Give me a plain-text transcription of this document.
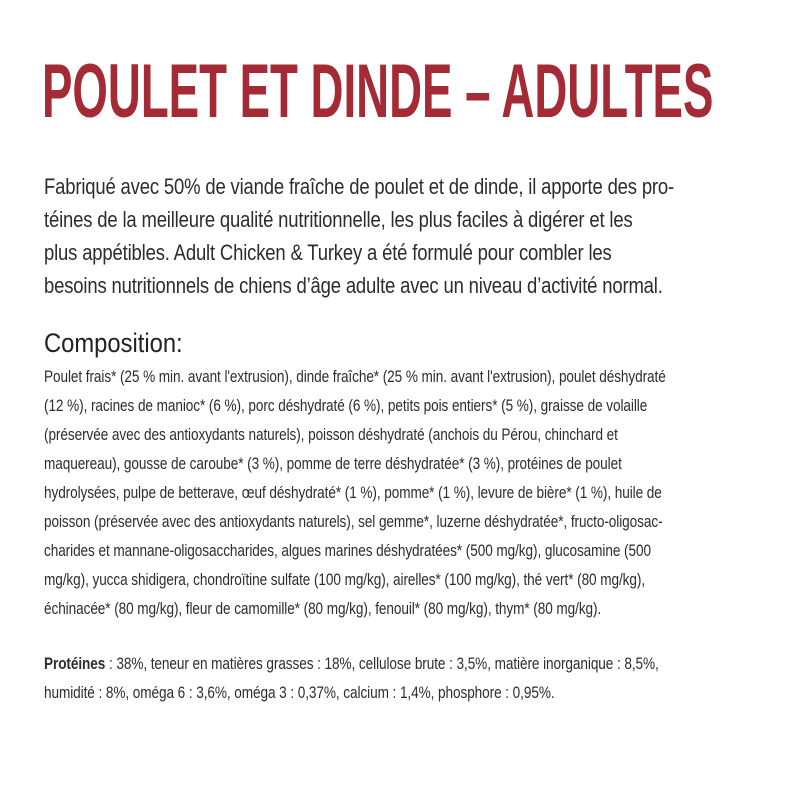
POULET ET DINDE – ADULTES
Fabriqué avec 50% de viande fraîche de poulet et de dinde, il apporte des pro-
téines de la meilleure qualité nutritionnelle, les plus faciles à digérer et les
plus appétibles. Adult Chicken & Turkey a été formulé pour combler les
besoins nutritionnels de chiens d’âge adulte avec un niveau d’activité normal.
Composition:
Poulet frais* (25 % min. avant l'extrusion), dinde fraîche* (25 % min. avant l'extrusion), poulet déshydraté
(12 %), racines de manioc* (6 %), porc déshydraté (6 %), petits pois entiers* (5 %), graisse de volaille
(préservée avec des antioxydants naturels), poisson déshydraté (anchois du Pérou, chinchard et
maquereau), gousse de caroube* (3 %), pomme de terre déshydratée* (3 %), protéines de poulet
hydrolysées, pulpe de betterave, œuf déshydraté* (1 %), pomme* (1 %), levure de bière* (1 %), huile de
poisson (préservée avec des antioxydants naturels), sel gemme*, luzerne déshydratée*, fructo-oligosac-
charides et mannane-oligosaccharides, algues marines déshydratées* (500 mg/kg), glucosamine (500
mg/kg), yucca shidigera, chondroïtine sulfate (100 mg/kg), airelles* (100 mg/kg), thé vert* (80 mg/kg),
échinacée* (80 mg/kg), fleur de camomille* (80 mg/kg), fenouil* (80 mg/kg), thym* (80 mg/kg).
Protéines : 38%, teneur en matières grasses : 18%, cellulose brute : 3,5%, matière inorganique : 8,5%,
humidité : 8%, oméga 6 : 3,6%, oméga 3 : 0,37%, calcium : 1,4%, phosphore : 0,95%.
